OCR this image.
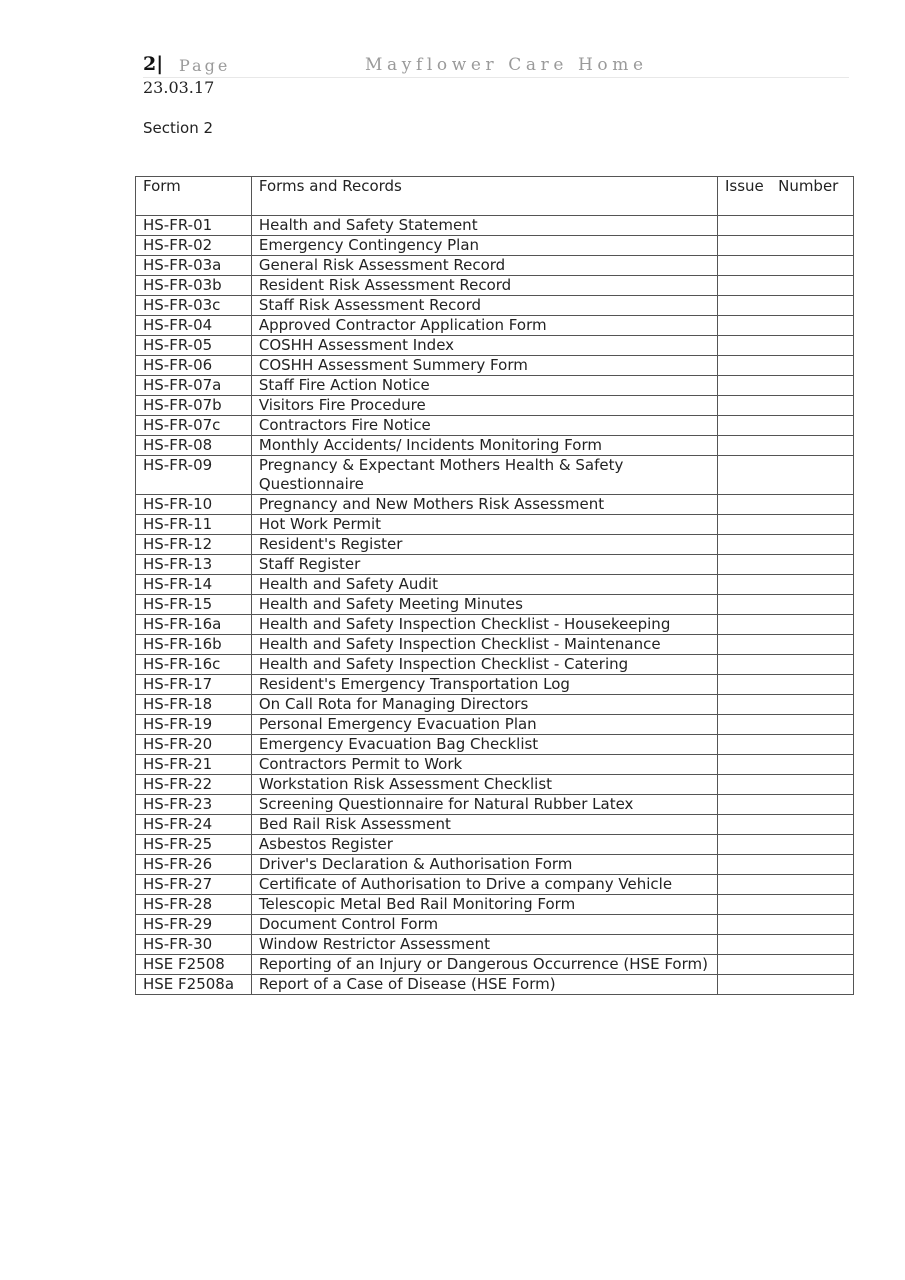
2| Page	Mayflower Care Home
23.03.17
Section 2
Form	Forms and Records	Issue   Number
HS-FR-01	Health and Safety Statement	
HS-FR-02	Emergency Contingency Plan	
HS-FR-03a	General Risk Assessment Record	
HS-FR-03b	Resident Risk Assessment Record	
HS-FR-03c	Staff Risk Assessment Record	
HS-FR-04	Approved Contractor Application Form	
HS-FR-05	COSHH Assessment Index	
HS-FR-06	COSHH Assessment Summery Form	
HS-FR-07a	Staff Fire Action Notice	
HS-FR-07b	Visitors Fire Procedure	
HS-FR-07c	Contractors Fire Notice	
HS-FR-08	Monthly Accidents/ Incidents Monitoring Form	
HS-FR-09	Pregnancy & Expectant Mothers Health & Safety Questionnaire	
HS-FR-10	Pregnancy and New Mothers Risk Assessment	
HS-FR-11	Hot Work Permit	
HS-FR-12	Resident's Register	
HS-FR-13	Staff Register	
HS-FR-14	Health and Safety Audit	
HS-FR-15	Health and Safety Meeting Minutes	
HS-FR-16a	Health and Safety Inspection Checklist - Housekeeping	
HS-FR-16b	Health and Safety Inspection Checklist - Maintenance	
HS-FR-16c	Health and Safety Inspection Checklist - Catering	
HS-FR-17	Resident's Emergency Transportation Log	
HS-FR-18	On Call Rota for Managing Directors	
HS-FR-19	Personal Emergency Evacuation Plan	
HS-FR-20	Emergency Evacuation Bag Checklist	
HS-FR-21	Contractors Permit to Work	
HS-FR-22	Workstation Risk Assessment Checklist	
HS-FR-23	Screening Questionnaire for Natural Rubber Latex	
HS-FR-24	Bed Rail Risk Assessment	
HS-FR-25	Asbestos Register	
HS-FR-26	Driver's Declaration & Authorisation Form	
HS-FR-27	Certificate of Authorisation to Drive a company Vehicle	
HS-FR-28	Telescopic Metal Bed Rail Monitoring Form	
HS-FR-29	Document Control Form	
HS-FR-30	Window Restrictor Assessment	
HSE F2508	Reporting of an Injury or Dangerous Occurrence (HSE Form)	
HSE F2508a	Report of a Case of Disease (HSE Form)	
